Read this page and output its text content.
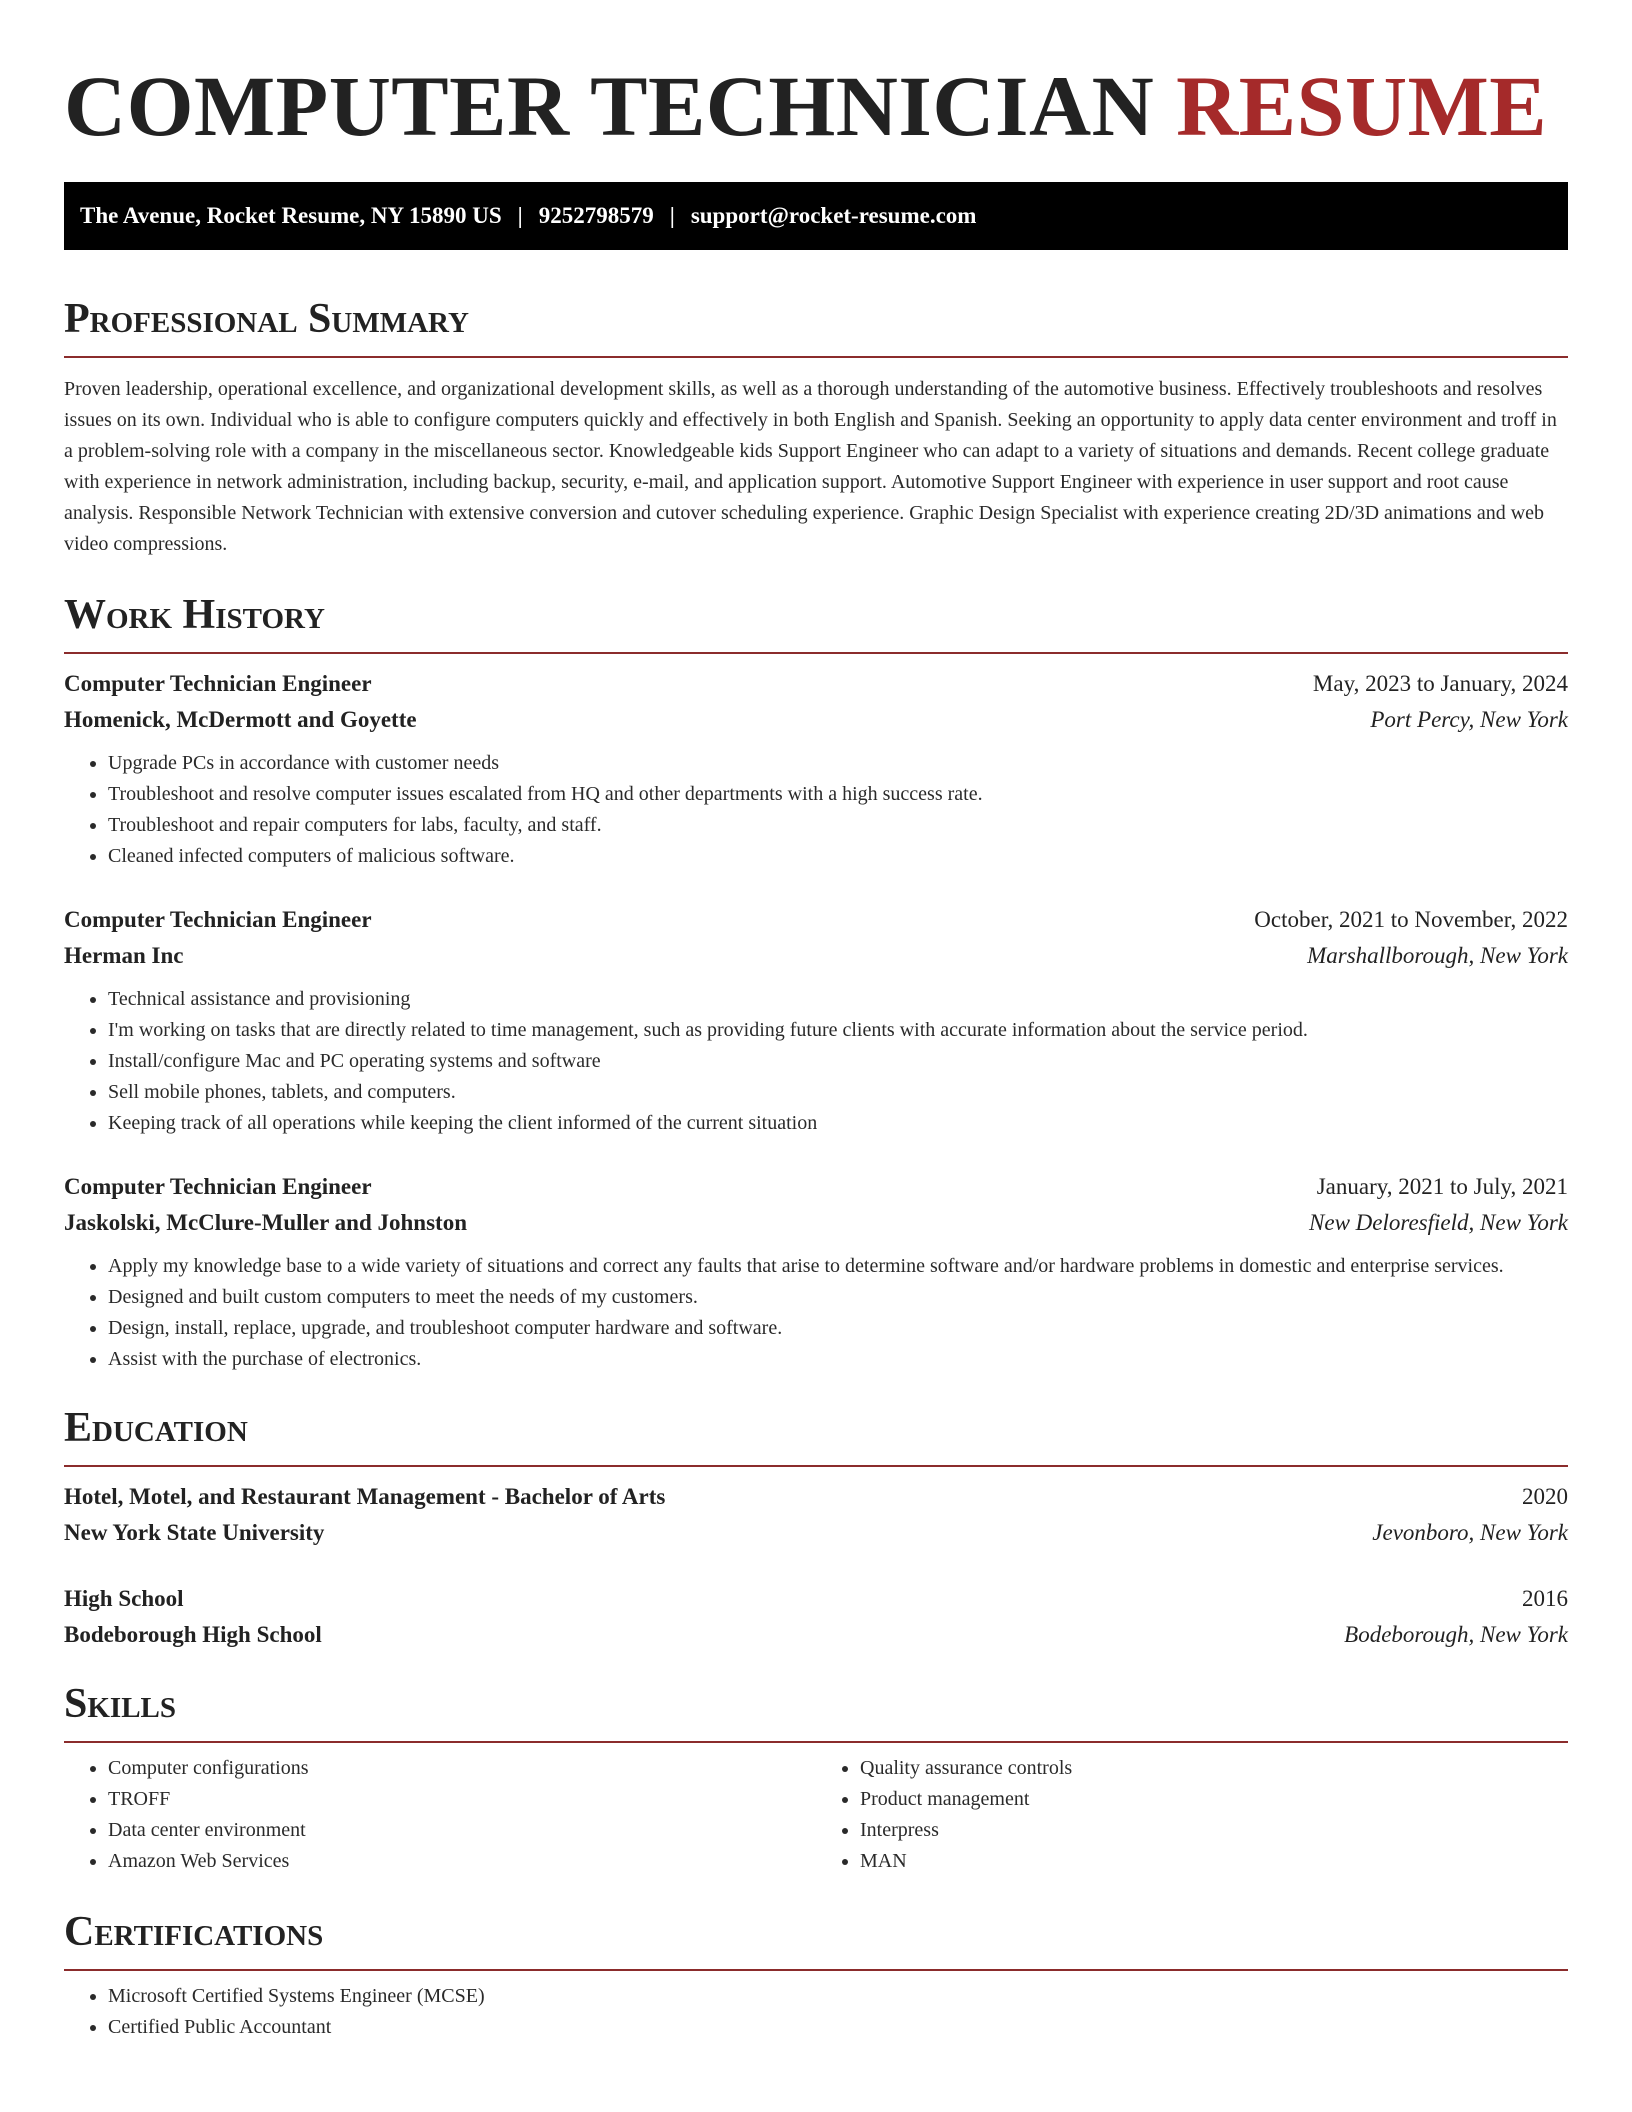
COMPUTER TECHNICIAN RESUME
The Avenue, Rocket Resume, NY 15890 US | 9252798579 | support@rocket-resume.com
Professional Summary

Proven leadership, operational excellence, and organizational development skills, as well as a thorough understanding of the automotive business. Effectively troubleshoots and resolves issues on its own. Individual who is able to configure computers quickly and effectively in both English and Spanish. Seeking an opportunity to apply data center environment and troff in a problem-solving role with a company in the miscellaneous sector. Knowledgeable kids Support Engineer who can adapt to a variety of situations and demands. Recent college graduate with experience in network administration, including backup, security, e-mail, and application support. Automotive Support Engineer with experience in user support and root cause analysis. Responsible Network Technician with extensive conversion and cutover scheduling experience. Graphic Design Specialist with experience creating 2D/3D animations and web video compressions.

Work History
Computer Technician Engineer	May, 2023 to January, 2024
Homenick, McDermott and Goyette	Port Percy, New York
• Upgrade PCs in accordance with customer needs
• Troubleshoot and resolve computer issues escalated from HQ and other departments with a high success rate.
• Troubleshoot and repair computers for labs, faculty, and staff.
• Cleaned infected computers of malicious software.
Computer Technician Engineer	October, 2021 to November, 2022
Herman Inc	Marshallborough, New York
• Technical assistance and provisioning
• I'm working on tasks that are directly related to time management, such as providing future clients with accurate information about the service period.
• Install/configure Mac and PC operating systems and software
• Sell mobile phones, tablets, and computers.
• Keeping track of all operations while keeping the client informed of the current situation
Computer Technician Engineer	January, 2021 to July, 2021
Jaskolski, McClure-Muller and Johnston	New Deloresfield, New York
• Apply my knowledge base to a wide variety of situations and correct any faults that arise to determine software and/or hardware problems in domestic and enterprise services.
• Designed and built custom computers to meet the needs of my customers.
• Design, install, replace, upgrade, and troubleshoot computer hardware and software.
• Assist with the purchase of electronics.
Education
Hotel, Motel, and Restaurant Management - Bachelor of Arts	2020
New York State University	Jevonboro, New York
High School	2016
Bodeborough High School	Bodeborough, New York
Skills
• Computer configurations
• TROFF
• Data center environment
• Amazon Web Services
• Quality assurance controls
• Product management
• Interpress
• MAN
Certifications
• Microsoft Certified Systems Engineer (MCSE)
• Certified Public Accountant
